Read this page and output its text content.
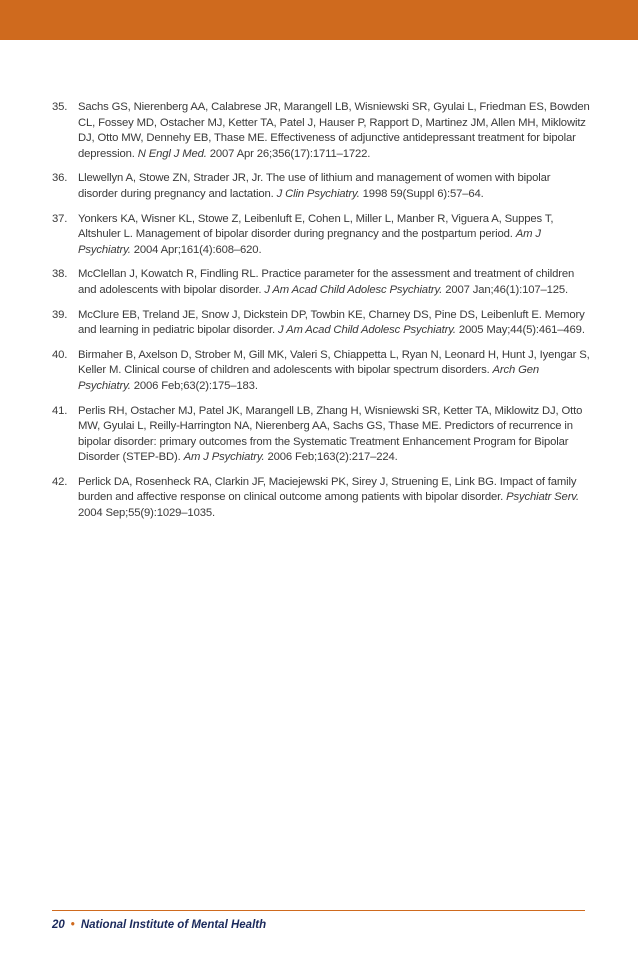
35. Sachs GS, Nierenberg AA, Calabrese JR, Marangell LB, Wisniewski SR, Gyulai L, Friedman ES, Bowden CL, Fossey MD, Ostacher MJ, Ketter TA, Patel J, Hauser P, Rapport D, Martinez JM, Allen MH, Miklowitz DJ, Otto MW, Dennehy EB, Thase ME. Effectiveness of adjunctive antidepressant treatment for bipolar depression. N Engl J Med. 2007 Apr 26;356(17):1711–1722.
36. Llewellyn A, Stowe ZN, Strader JR, Jr. The use of lithium and management of women with bipolar disorder during pregnancy and lactation. J Clin Psychiatry. 1998 59(Suppl 6):57–64.
37. Yonkers KA, Wisner KL, Stowe Z, Leibenluft E, Cohen L, Miller L, Manber R, Viguera A, Suppes T, Altshuler L. Management of bipolar disorder during pregnancy and the postpartum period. Am J Psychiatry. 2004 Apr;161(4):608–620.
38. McClellan J, Kowatch R, Findling RL. Practice parameter for the assessment and treatment of children and adolescents with bipolar disorder. J Am Acad Child Adolesc Psychiatry. 2007 Jan;46(1):107–125.
39. McClure EB, Treland JE, Snow J, Dickstein DP, Towbin KE, Charney DS, Pine DS, Leibenluft E. Memory and learning in pediatric bipolar disorder. J Am Acad Child Adolesc Psychiatry. 2005 May;44(5):461–469.
40. Birmaher B, Axelson D, Strober M, Gill MK, Valeri S, Chiappetta L, Ryan N, Leonard H, Hunt J, Iyengar S, Keller M. Clinical course of children and adolescents with bipolar spectrum disorders. Arch Gen Psychiatry. 2006 Feb;63(2):175–183.
41. Perlis RH, Ostacher MJ, Patel JK, Marangell LB, Zhang H, Wisniewski SR, Ketter TA, Miklowitz DJ, Otto MW, Gyulai L, Reilly-Harrington NA, Nierenberg AA, Sachs GS, Thase ME. Predictors of recurrence in bipolar disorder: primary outcomes from the Systematic Treatment Enhancement Program for Bipolar Disorder (STEP-BD). Am J Psychiatry. 2006 Feb;163(2):217–224.
42. Perlick DA, Rosenheck RA, Clarkin JF, Maciejewski PK, Sirey J, Struening E, Link BG. Impact of family burden and affective response on clinical outcome among patients with bipolar disorder. Psychiatr Serv. 2004 Sep;55(9):1029–1035.
20 • National Institute of Mental Health
